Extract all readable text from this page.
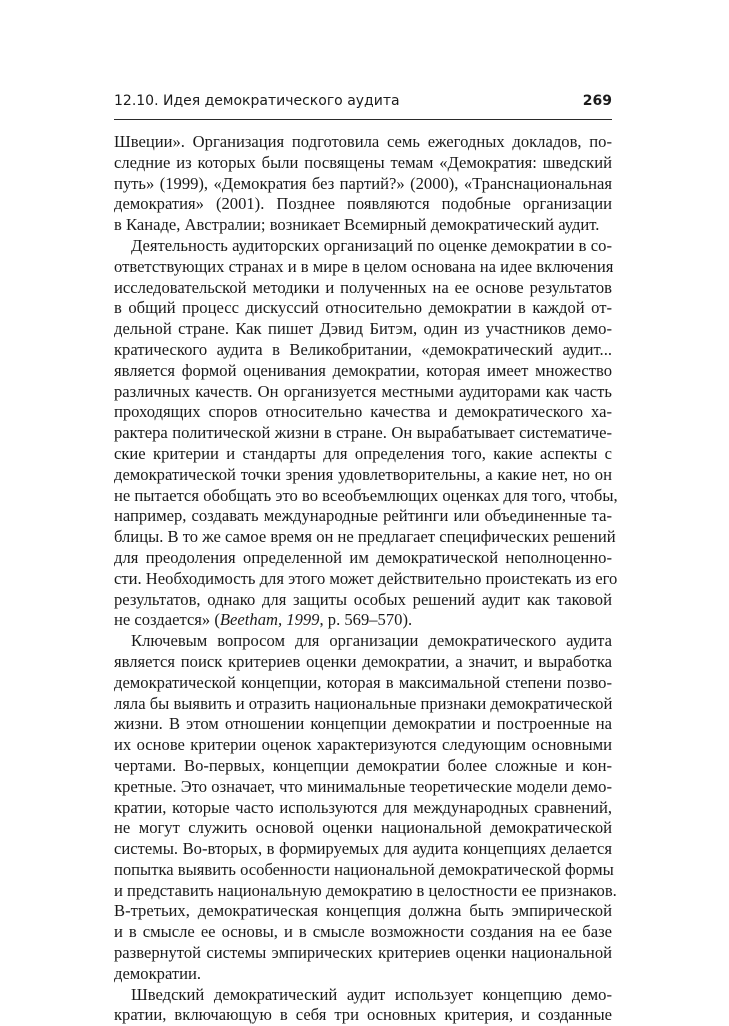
12.10. Идея демократического аудита	269
Швеции». Организация подготовила семь ежегодных докладов, по-
следние из которых были посвящены темам «Демократия: шведский
путь» (1999), «Демократия без партий?» (2000), «Транснациональная
демократия» (2001). Позднее появляются подобные организации
в Канаде, Австралии; возникает Всемирный демократический аудит.
Деятельность аудиторских организаций по оценке демократии в со-
ответствующих странах и в мире в целом основана на идее включения
исследовательской методики и полученных на ее основе результатов
в общий процесс дискуссий относительно демократии в каждой от-
дельной стране. Как пишет Дэвид Битэм, один из участников демо-
кратического аудита в Великобритании, «демократический аудит...
является формой оценивания демократии, которая имеет множество
различных качеств. Он организуется местными аудиторами как часть
проходящих споров относительно качества и демократического ха-
рактера политической жизни в стране. Он вырабатывает систематиче-
ские критерии и стандарты для определения того, какие аспекты с
демократической точки зрения удовлетворительны, а какие нет, но он
не пытается обобщать это во всеобъемлющих оценках для того, чтобы,
например, создавать международные рейтинги или объединенные та-
блицы. В то же самое время он не предлагает специфических решений
для преодоления определенной им демократической неполноценно-
сти. Необходимость для этого может действительно проистекать из его
результатов, однако для защиты особых решений аудит как таковой
не создается» (Beetham, 1999, р. 569–570).
Ключевым вопросом для организации демократического аудита
является поиск критериев оценки демократии, а значит, и выработка
демократической концепции, которая в максимальной степени позво-
ляла бы выявить и отразить национальные признаки демократической
жизни. В этом отношении концепции демократии и построенные на
их основе критерии оценок характеризуются следующим основными
чертами. Во-первых, концепции демократии более сложные и кон-
кретные. Это означает, что минимальные теоретические модели демо-
кратии, которые часто используются для международных сравнений,
не могут служить основой оценки национальной демократической
системы. Во-вторых, в формируемых для аудита концепциях делается
попытка выявить особенности национальной демократической формы
и представить национальную демократию в целостности ее признаков.
В-третьих, демократическая концепция должна быть эмпирической
и в смысле ее основы, и в смысле возможности создания на ее базе
развернутой системы эмпирических критериев оценки национальной
демократии.
Шведский демократический аудит использует концепцию демо-
кратии, включающую в себя три основных критерия, и созданные
